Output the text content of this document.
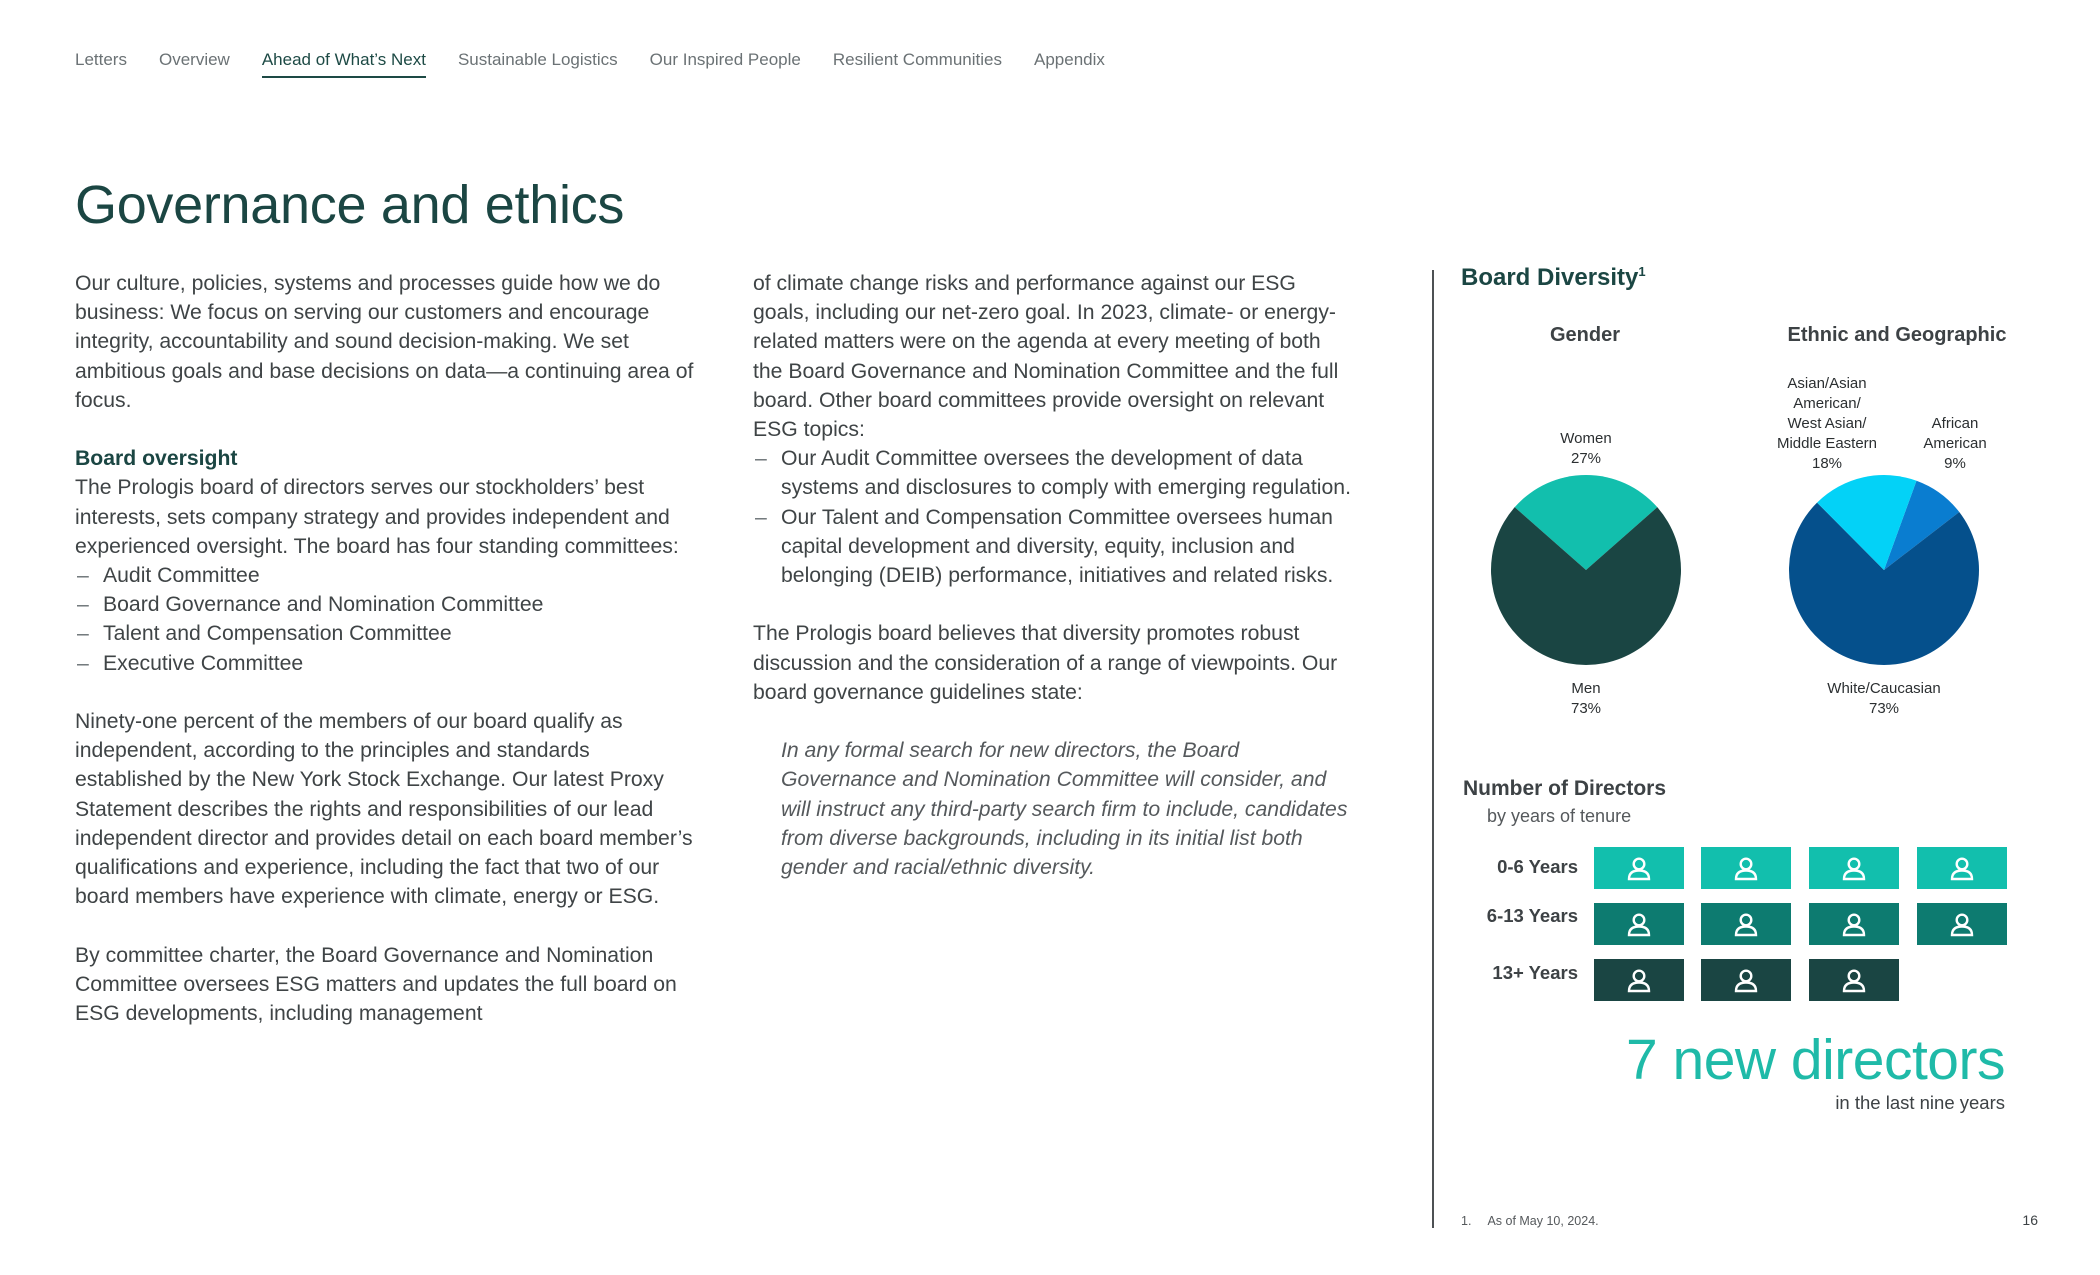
Letters Overview Ahead of What’s Next Sustainable Logistics Our Inspired People Resilient Communities Appendix
Governance and ethics

Our culture, policies, systems and processes guide how we do business: We focus on serving our customers and encourage integrity, accountability and sound decision-making. We set ambitious goals and base decisions on data—a continuing area of focus.

Board oversight

The Prologis board of directors serves our stockholders’ best interests, sets company strategy and provides independent and experienced oversight. The board has four standing committees:

– Audit Committee
– Board Governance and Nomination Committee
– Talent and Compensation Committee
– Executive Committee

Ninety-one percent of the members of our board qualify as independent, according to the principles and standards established by the New York Stock Exchange. Our latest Proxy Statement describes the rights and responsibilities of our lead independent director and provides detail on each board member’s qualifications and experience, including the fact that two of our board members have experience with climate, energy or ESG.

By committee charter, the Board Governance and Nomination Committee oversees ESG matters and updates the full board on ESG developments, including management

of climate change risks and performance against our ESG goals, including our net-zero goal. In 2023, climate- or energy-related matters were on the agenda at every meeting of both the Board Governance and Nomination Committee and the full board. Other board committees provide oversight on relevant ESG topics:

– Our Audit Committee oversees the development of data systems and disclosures to comply with emerging regulation.
– Our Talent and Compensation Committee oversees human capital development and diversity, equity, inclusion and belonging (DEIB) performance, initiatives and related risks.

The Prologis board believes that diversity promotes robust discussion and the consideration of a range of viewpoints. Our board governance guidelines state:

In any formal search for new directors, the Board Governance and Nomination Committee will consider, and will instruct any third-party search firm to include, candidates from diverse backgrounds, including in its initial list both gender and racial/ethnic diversity.

Board Diversity$^1$
Gender	Ethnic and Geographic
Women
27%
Men
73%
Asian/Asian
American/
West Asian/
Middle Eastern
18%
African
American
9%
White/Caucasian
73%
Number of Directors
by years of tenure
0-6 Years
6-13 Years
13+ Years
7 new directors
in the last nine years
1. As of May 10, 2024.	16
